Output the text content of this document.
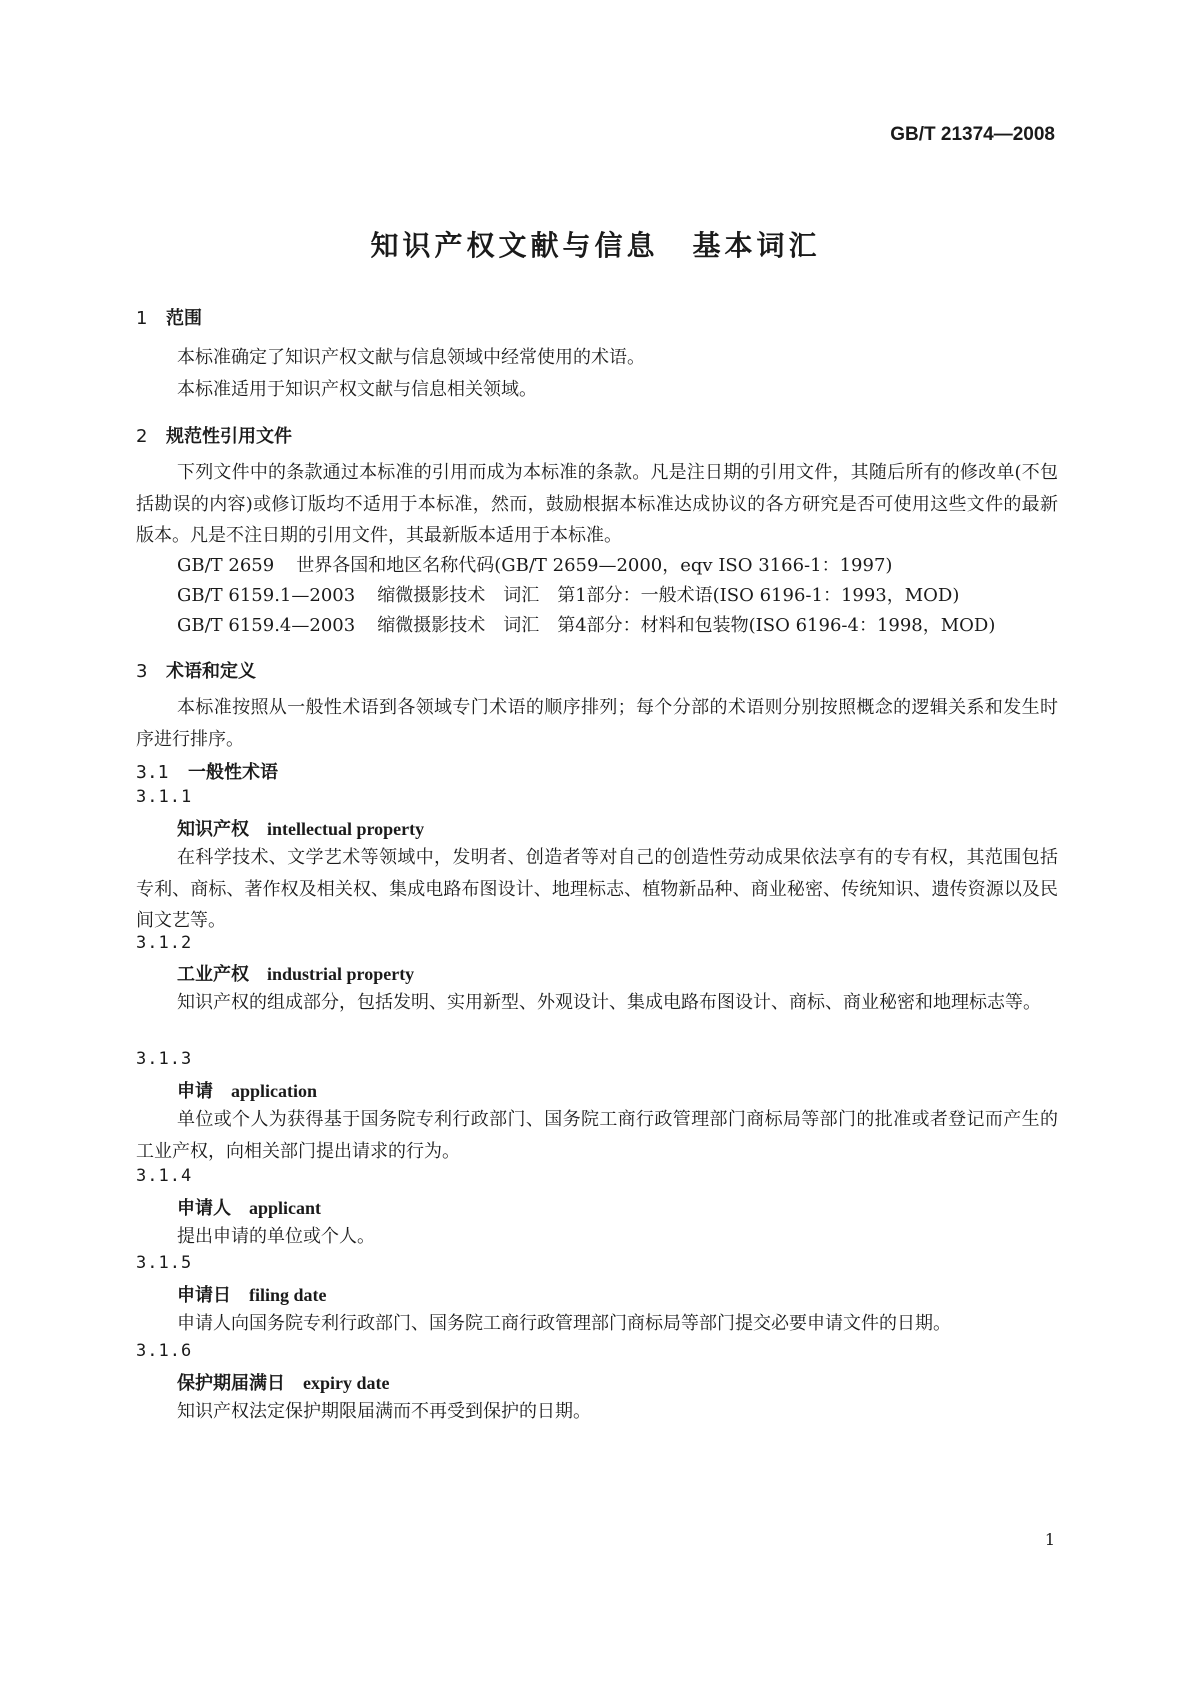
GB/T 21374—2008
知识产权文献与信息 基本词汇
1 范围

本标准确定了知识产权文献与信息领域中经常使用的术语。

本标准适用于知识产权文献与信息相关领域。

2 规范性引用文件

下列文件中的条款通过本标准的引用而成为本标准的条款。凡是注日期的引用文件，其随后所有的修改单(不包括勘误的内容)或修订版均不适用于本标准，然而，鼓励根据本标准达成协议的各方研究是否可使用这些文件的最新版本。凡是不注日期的引用文件，其最新版本适用于本标准。

GB/T 2659 世界各国和地区名称代码(GB/T 2659—2000，eqv ISO 3166-1：1997)
GB/T 6159.1—2003 缩微摄影技术　词汇　第1部分：一般术语(ISO 6196-1：1993，MOD)
GB/T 6159.4—2003 缩微摄影技术　词汇　第4部分：材料和包装物(ISO 6196-4：1998，MOD)
3 术语和定义

本标准按照从一般性术语到各领域专门术语的顺序排列；每个分部的术语则分别按照概念的逻辑关系和发生时序进行排序。

3.1 一般性术语
3.1.1
知识产权 intellectual property

在科学技术、文学艺术等领域中，发明者、创造者等对自己的创造性劳动成果依法享有的专有权，其范围包括专利、商标、著作权及相关权、集成电路布图设计、地理标志、植物新品种、商业秘密、传统知识、遗传资源以及民间文艺等。

3.1.2
工业产权 industrial property

知识产权的组成部分，包括发明、实用新型、外观设计、集成电路布图设计、商标、商业秘密和地理标志等。

3.1.3
申请 application

单位或个人为获得基于国务院专利行政部门、国务院工商行政管理部门商标局等部门的批准或者登记而产生的工业产权，向相关部门提出请求的行为。

3.1.4
申请人 applicant

提出申请的单位或个人。

3.1.5
申请日 filing date

申请人向国务院专利行政部门、国务院工商行政管理部门商标局等部门提交必要申请文件的日期。

3.1.6
保护期届满日 expiry date

知识产权法定保护期限届满而不再受到保护的日期。

1
